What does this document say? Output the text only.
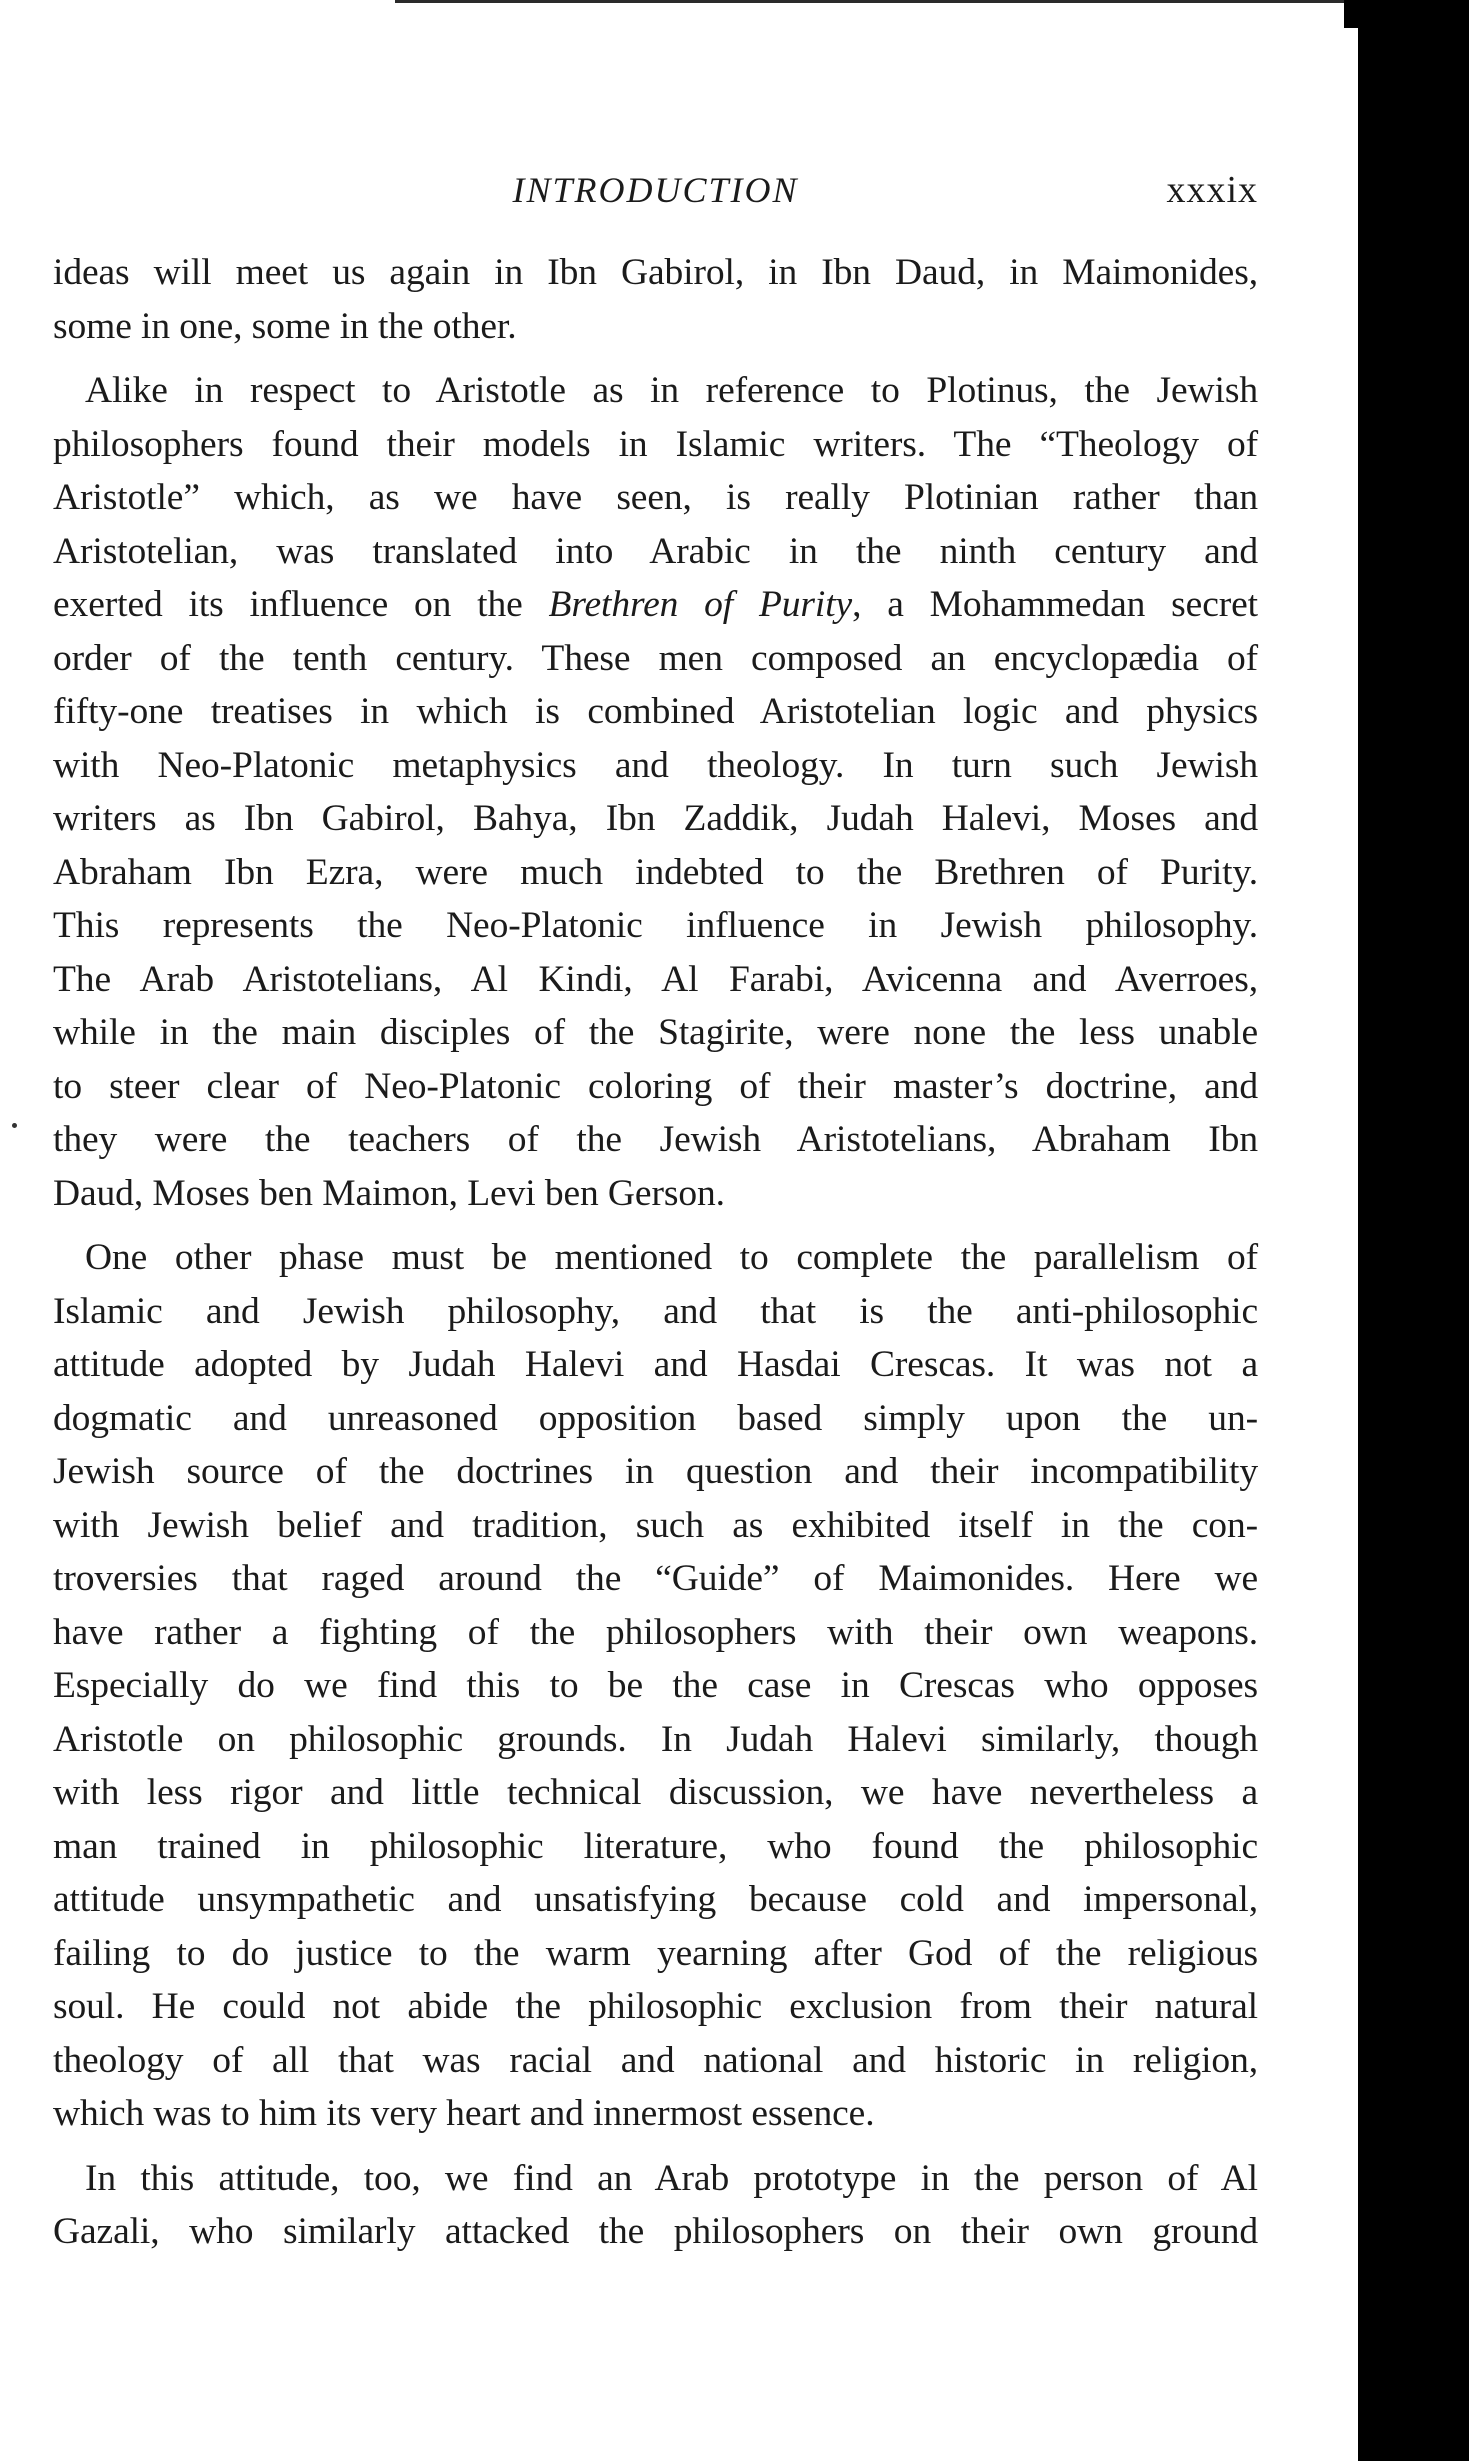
INTRODUCTION	xxxix
ideas will meet us again in Ibn Gabirol, in Ibn Daud, in Maimonides,
some in one, some in the other.
Alike in respect to Aristotle as in reference to Plotinus, the Jewish
philosophers found their models in Islamic writers. The “Theology of
Aristotle” which, as we have seen, is really Plotinian rather than
Aristotelian, was translated into Arabic in the ninth century and
exerted its influence on the Brethren of Purity, a Mohammedan secret
order of the tenth century. These men composed an encyclopædia of
fifty-one treatises in which is combined Aristotelian logic and physics
with Neo-Platonic metaphysics and theology. In turn such Jewish
writers as Ibn Gabirol, Bahya, Ibn Zaddik, Judah Halevi, Moses and
Abraham Ibn Ezra, were much indebted to the Brethren of Purity.
This represents the Neo-Platonic influence in Jewish philosophy.
The Arab Aristotelians, Al Kindi, Al Farabi, Avicenna and Averroes,
while in the main disciples of the Stagirite, were none the less unable
to steer clear of Neo-Platonic coloring of their master’s doctrine, and
they were the teachers of the Jewish Aristotelians, Abraham Ibn
Daud, Moses ben Maimon, Levi ben Gerson.
One other phase must be mentioned to complete the parallelism of
Islamic and Jewish philosophy, and that is the anti-philosophic
attitude adopted by Judah Halevi and Hasdai Crescas. It was not a
dogmatic and unreasoned opposition based simply upon the un-
Jewish source of the doctrines in question and their incompatibility
with Jewish belief and tradition, such as exhibited itself in the con-
troversies that raged around the “Guide” of Maimonides. Here we
have rather a fighting of the philosophers with their own weapons.
Especially do we find this to be the case in Crescas who opposes
Aristotle on philosophic grounds. In Judah Halevi similarly, though
with less rigor and little technical discussion, we have nevertheless a
man trained in philosophic literature, who found the philosophic
attitude unsympathetic and unsatisfying because cold and impersonal,
failing to do justice to the warm yearning after God of the religious
soul. He could not abide the philosophic exclusion from their natural
theology of all that was racial and national and historic in religion,
which was to him its very heart and innermost essence.
In this attitude, too, we find an Arab prototype in the person of Al
Gazali, who similarly attacked the philosophers on their own ground
